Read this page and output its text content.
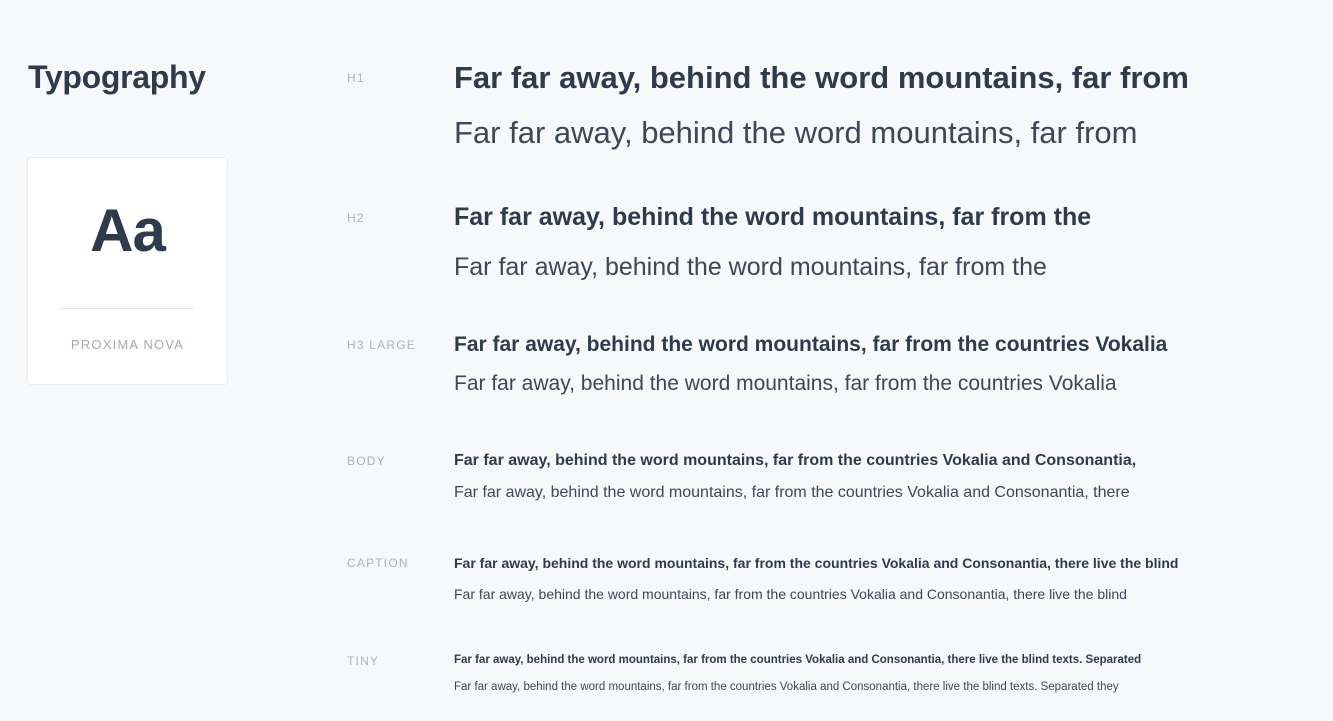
Typography
Aa
PROXIMA NOVA
H1	Far far away, behind the word mountains, far from
Far far away, behind the word mountains, far from
H2	Far far away, behind the word mountains, far from the
Far far away, behind the word mountains, far from the
H3 LARGE	Far far away, behind the word mountains, far from the countries Vokalia
Far far away, behind the word mountains, far from the countries Vokalia
BODY	Far far away, behind the word mountains, far from the countries Vokalia and Consonantia,
Far far away, behind the word mountains, far from the countries Vokalia and Consonantia, there
CAPTION	Far far away, behind the word mountains, far from the countries Vokalia and Consonantia, there live the blind
Far far away, behind the word mountains, far from the countries Vokalia and Consonantia, there live the blind
TINY	Far far away, behind the word mountains, far from the countries Vokalia and Consonantia, there live the blind texts. Separated
Far far away, behind the word mountains, far from the countries Vokalia and Consonantia, there live the blind texts. Separated they
